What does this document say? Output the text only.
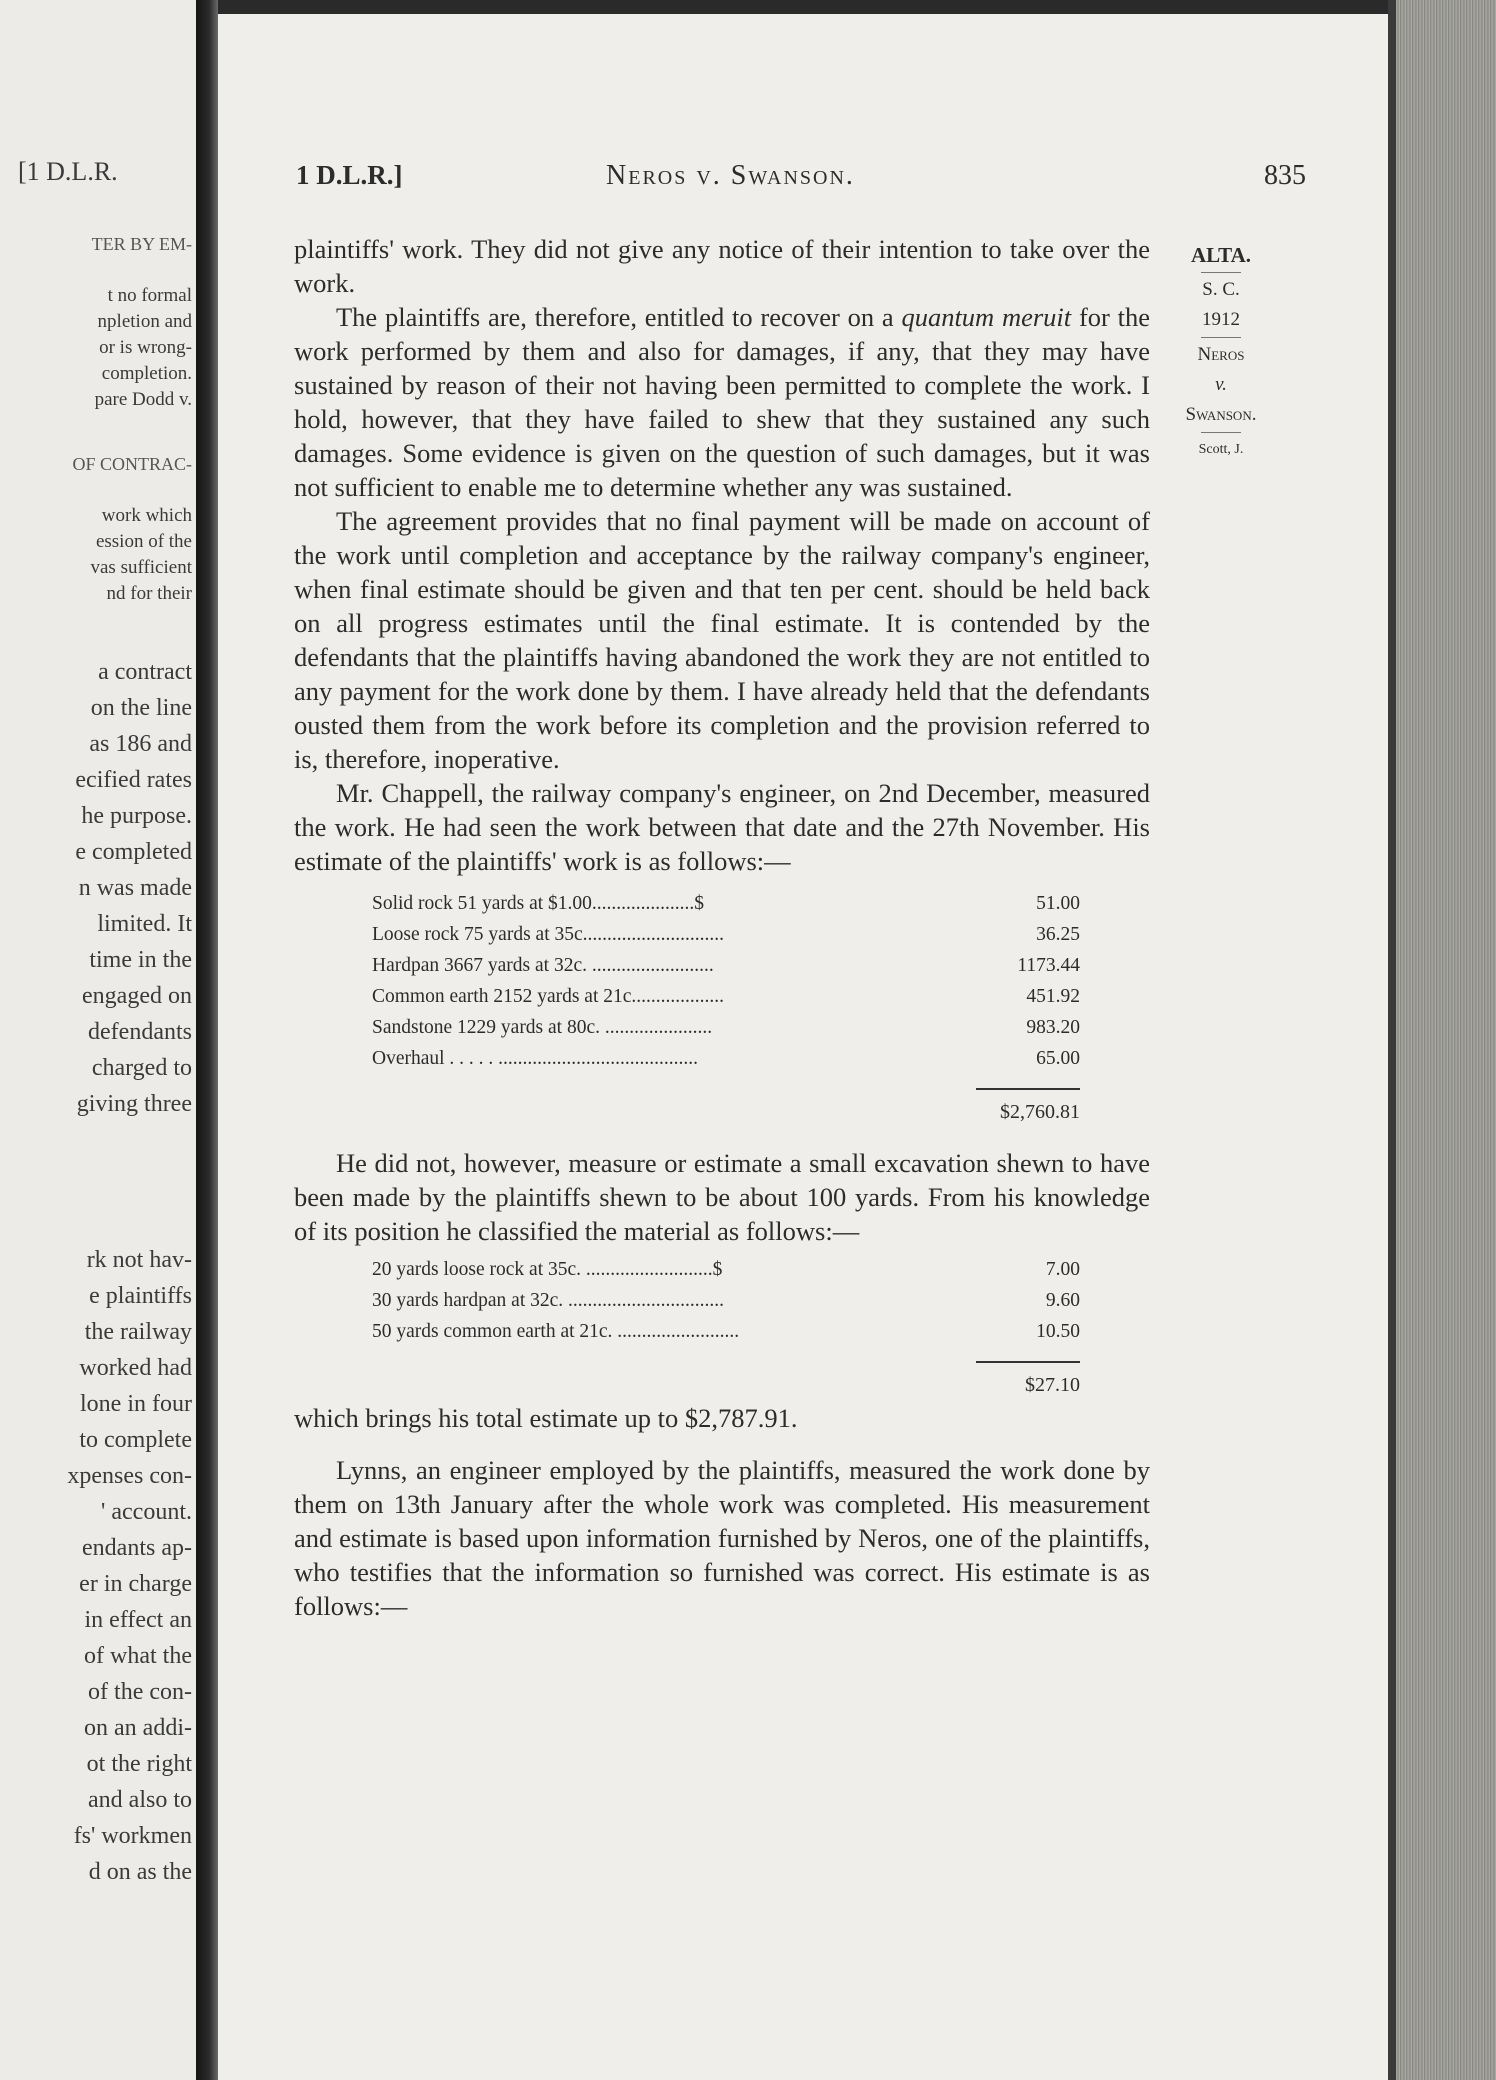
[1 D.L.R.
TER BY EM-
t no formal
npletion and
or is wrong-
completion.
pare Dodd v.
OF CONTRAC-
work which
ession of the
vas sufficient
nd for their
a contract
on the line
as 186 and
ecified rates
he purpose.
e completed
n was made
limited. It
time in the
engaged on
defendants
charged to
giving three
rk not hav-
e plaintiffs
the railway
worked had
lone in four
to complete
xpenses con-
' account.
endants ap-
er in charge
in effect an
of what the
of the con-
on an addi-
ot the right
and also to
fs' workmen
d on as the
1 D.L.R.]	Neros v. Swanson.	835

plaintiffs' work. They did not give any notice of their intention to take over the work.

The plaintiffs are, therefore, entitled to recover on a quantum meruit for the work performed by them and also for damages, if any, that they may have sustained by reason of their not having been permitted to complete the work. I hold, however, that they have failed to shew that they sustained any such damages. Some evidence is given on the question of such damages, but it was not sufficient to enable me to determine whether any was sustained.

The agreement provides that no final payment will be made on account of the work until completion and acceptance by the railway company's engineer, when final estimate should be given and that ten per cent. should be held back on all progress estimates until the final estimate. It is contended by the defendants that the plaintiffs having abandoned the work they are not entitled to any payment for the work done by them. I have already held that the defendants ousted them from the work before its completion and the provision referred to is, therefore, inoperative.

Mr. Chappell, the railway company's engineer, on 2nd December, measured the work. He had seen the work between that date and the 27th November. His estimate of the plaintiffs' work is as follows:—

Solid rock 51 yards at $1.00.....................$	51.00
Loose rock 75 yards at 35c.............................	36.25
Hardpan 3667 yards at 32c. .........................	1173.44
Common earth 2152 yards at 21c...................	451.92
Sandstone 1229 yards at 80c. ......................	983.20
Overhaul . . . . . .........................................	65.00
$2,760.81

He did not, however, measure or estimate a small excavation shewn to have been made by the plaintiffs shewn to be about 100 yards. From his knowledge of its position he classified the material as follows:—

20 yards loose rock at 35c. ..........................$	7.00
30 yards hardpan at 32c. ................................	9.60
50 yards common earth at 21c. .........................	10.50
$27.10

which brings his total estimate up to $2,787.91.

Lynns, an engineer employed by the plaintiffs, measured the work done by them on 13th January after the whole work was completed. His measurement and estimate is based upon information furnished by Neros, one of the plaintiffs, who testifies that the information so furnished was correct. His estimate is as follows:—

ALTA.
S. C.
1912
Neros
v.
Swanson.
Scott, J.
